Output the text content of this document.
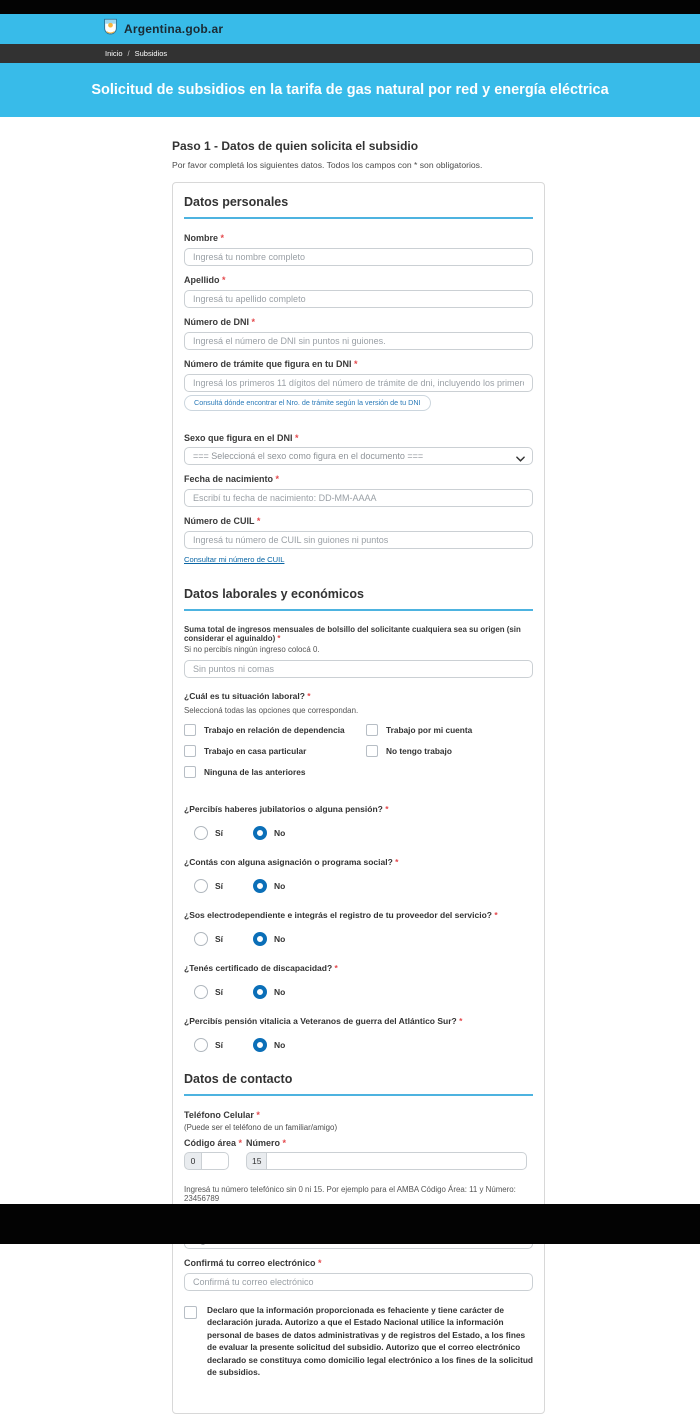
Argentina.gob.ar
Inicio / Subsidios
Solicitud de subsidios en la tarifa de gas natural por red y energía eléctrica
Paso 1 - Datos de quien solicita el subsidio
Por favor completá los siguientes datos. Todos los campos con * son obligatorios.
Datos personales
Nombre *
Ingresá tu nombre completo
Apellido *
Ingresá tu apellido completo
Número de DNI *
Ingresá el número de DNI sin puntos ni guiones.
Número de trámite que figura en tu DNI *
Ingresá los primeros 11 dígitos del número de trámite de dni, incluyendo los primeros dos ceros Consultá dónde encontrar el Nro. de trámite según la versión de tu DNI
Sexo que figura en el DNI *
=== Seleccioná el sexo como figura en el documento ===
Fecha de nacimiento *
Escribí tu fecha de nacimiento: DD-MM-AAAA
Número de CUIL *
Ingresá tu número de CUIL sin guiones ni puntos Consultar mi número de CUIL
Datos laborales y económicos
Suma total de ingresos mensuales de bolsillo del solicitante cualquiera sea su origen (sin considerar el aguinaldo) *
Si no percibís ningún ingreso colocá 0.
Sin puntos ni comas
¿Cuál es tu situación laboral? *
Seleccioná todas las opciones que correspondan.
Trabajo en relación de dependencia	Trabajo por mi cuenta
Trabajo en casa particular	No tengo trabajo
Ninguna de las anteriores
¿Percibís haberes jubilatorios o alguna pensión? *
Sí	No
¿Contás con alguna asignación o programa social? *
Sí	No
¿Sos electrodependiente e integrás el registro de tu proveedor del servicio? *
Sí	No
¿Tenés certificado de discapacidad? *
Sí	No
¿Percibís pensión vitalicia a Veteranos de guerra del Atlántico Sur? *
Sí	No
Datos de contacto
Teléfono Celular *
(Puede ser el teléfono de un familiar/amigo)
Código área * Número *
0	15
Ingresá tu número telefónico sin 0 ni 15. Por ejemplo para el AMBA Código Área: 11 y Número: 23456789
Ingresá tu correo electrónico
Confirmá tu correo electrónico *
Confirmá tu correo electrónico

Declaro que la información proporcionada es fehaciente y tiene carácter de declaración jurada. Autorizo a que el Estado Nacional utilice la información personal de bases de datos administrativas y de registros del Estado, a los fines de evaluar la presente solicitud del subsidio. Autorizo que el correo electrónico declarado se constituya como domicilio legal electrónico a los fines de la solicitud de subsidios.
